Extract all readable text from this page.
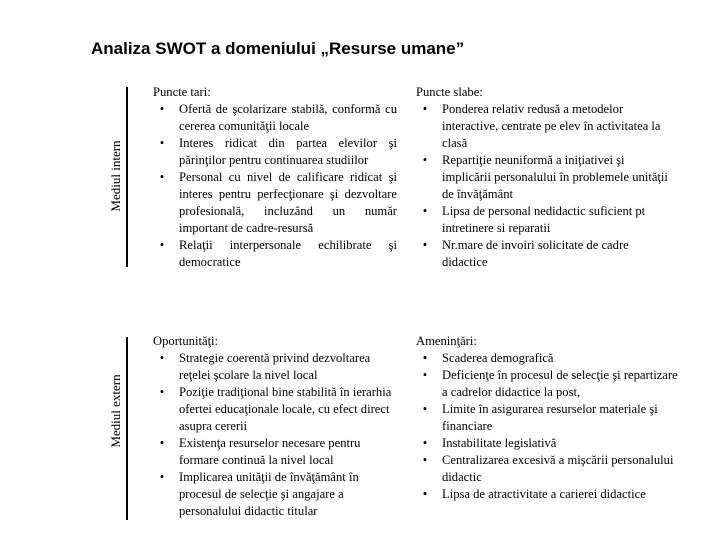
Analiza SWOT a domeniului „Resurse umane”
Mediul intern
Mediul extern
Puncte tari:
•	Ofertă de şcolarizare stabilă, conformă cu cererea comunităţii locale
•	Interes ridicat din partea elevilor şi părinţilor pentru continuarea studiilor
•	Personal cu nivel de calificare ridicat şi interes pentru perfecţionare şi dezvoltare profesională, incluzând un număr important de cadre-resursă
•	Relaţii interpersonale echilibrate şi democratice
Puncte slabe:
•	Ponderea relativ redusă a metodelor interactive, centrate pe elev în activitatea la clasă
•	Repartiţie neuniformă a iniţiativei şi implicării personalului în problemele unităţii de învăţământ
•	Lipsa de personal nedidactic suficient pt intretinere si reparatii
•	Nr.mare de invoiri solicitate de cadre didactice
Oportunităţi:
•	Strategie coerentă privind dezvoltarea reţelei şcolare la nivel local
•	Poziţie tradiţional bine stabilită în ierarhia ofertei educaţionale locale, cu efect direct asupra cererii
•	Existenţa resurselor necesare pentru formare continuă la nivel local
•	Implicarea unităţii de învăţământ în procesul de selecţie şi angajare a personalului didactic titular
Ameninţări:
•	Scaderea demografică
•	Deficienţe în procesul de selecţie şi repartizare a cadrelor didactice la post,
•	Limite în asigurarea resurselor materiale şi financiare
•	Instabilitate legislativă
•	Centralizarea excesivă a mişcării personalului didactic
•	Lipsa de atractivitate a carierei didactice
